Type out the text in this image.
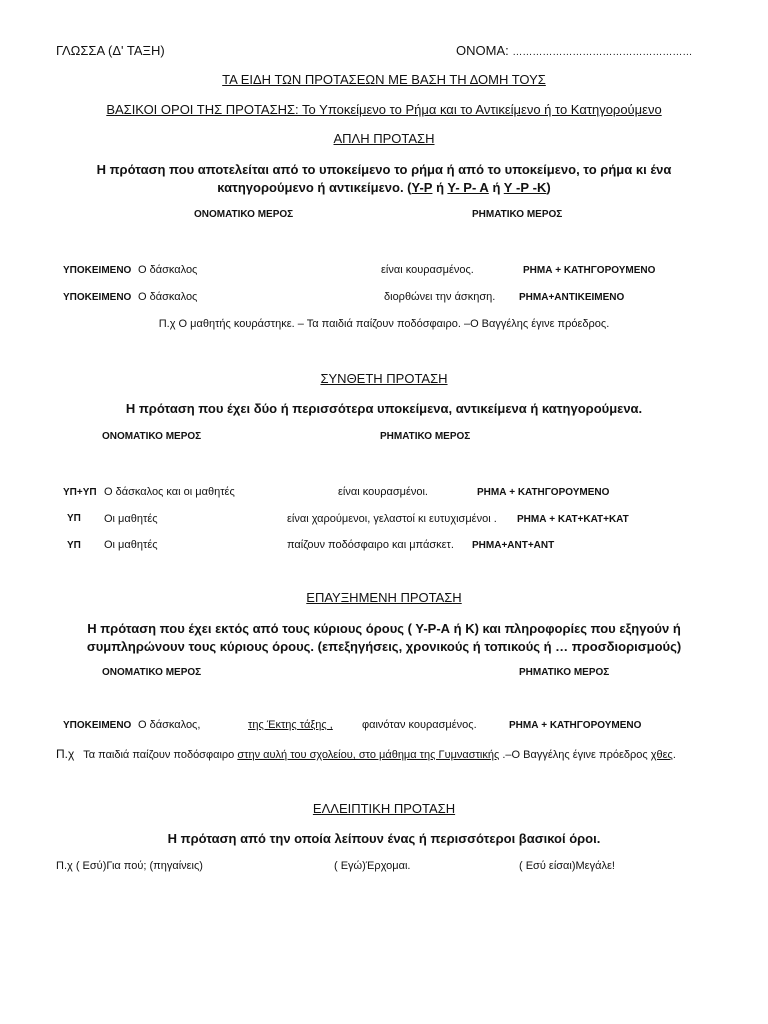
ΓΛΩΣΣΑ (Δ' ΤΑΞΗ)	ΟΝΟΜΑ: ………………………………………………
ΤΑ ΕΙΔΗ ΤΩΝ ΠΡΟΤΑΣΕΩΝ ΜΕ ΒΑΣΗ ΤΗ ΔΟΜΗ ΤΟΥΣ
ΒΑΣΙΚΟΙ ΟΡΟΙ ΤΗΣ ΠΡΟΤΑΣΗΣ: Το Υποκείμενο το Ρήμα και το Αντικείμενο ή το Κατηγορούμενο
ΑΠΛΗ ΠΡΟΤΑΣΗ
Η πρόταση που αποτελείται από το υποκείμενο το ρήμα ή από το υποκείμενο, το ρήμα κι ένα
κατηγορούμενο ή αντικείμενο. (Υ-Ρ ή Υ- Ρ- Α ή Υ -Ρ -Κ)
ΟΝΟΜΑΤΙΚΟ ΜΕΡΟΣ	ΡΗΜΑΤΙΚΟ ΜΕΡΟΣ
ΥΠΟΚΕΙΜΕΝΟ Ο δάσκαλος	είναι κουρασμένος.	ΡΗΜΑ + ΚΑΤΗΓΟΡΟΥΜΕΝΟ
ΥΠΟΚΕΙΜΕΝΟ Ο δάσκαλος	διορθώνει την άσκηση. ΡΗΜΑ+ΑΝΤΙΚΕΙΜΕΝΟ
Π.χ Ο μαθητής κουράστηκε. – Τα παιδιά παίζουν ποδόσφαιρο. –Ο Βαγγέλης έγινε πρόεδρος.
ΣΥΝΘΕΤΗ ΠΡΟΤΑΣΗ
Η πρόταση που έχει δύο ή περισσότερα υποκείμενα, αντικείμενα ή κατηγορούμενα.
ΟΝΟΜΑΤΙΚΟ ΜΕΡΟΣ	ΡΗΜΑΤΙΚΟ ΜΕΡΟΣ
ΥΠ+ΥΠ Ο δάσκαλος και οι μαθητές	είναι κουρασμένοι.	ΡΗΜΑ + ΚΑΤΗΓΟΡΟΥΜΕΝΟ
ΥΠ Οι μαθητές	είναι χαρούμενοι, γελαστοί κι ευτυχισμένοι . ΡΗΜΑ + ΚΑΤ+ΚΑΤ+ΚΑΤ
ΥΠ Οι μαθητές	παίζουν ποδόσφαιρο και μπάσκετ. ΡΗΜΑ+ΑΝΤ+ΑΝΤ
ΕΠΑΥΞΗΜΕΝΗ ΠΡΟΤΑΣΗ
Η πρόταση που έχει εκτός από τους κύριους όρους ( Υ-Ρ-Α ή Κ) και πληροφορίες που εξηγούν ή
συμπληρώνουν τους κύριους όρους. (επεξηγήσεις, χρονικούς ή τοπικούς ή … προσδιορισμούς)
ΟΝΟΜΑΤΙΚΟ ΜΕΡΟΣ	ΡΗΜΑΤΙΚΟ ΜΕΡΟΣ
ΥΠΟΚΕΙΜΕΝΟ Ο δάσκαλος,	της Έκτης τάξης ,	φαινόταν κουρασμένος.	ΡΗΜΑ + ΚΑΤΗΓΟΡΟΥΜΕΝΟ
Π.χ Τα παιδιά παίζουν ποδόσφαιρο στην αυλή του σχολείου, στο μάθημα της Γυμναστικής .–Ο Βαγγέλης έγινε πρόεδρος χθες.
ΕΛΛΕΙΠΤΙΚΗ ΠΡΟΤΑΣΗ
Η πρόταση από την οποία λείπουν ένας ή περισσότεροι βασικοί όροι.
Π.χ ( Εσύ)Για πού; (πηγαίνεις)	( Εγώ)Έρχομαι.	( Εσύ είσαι)Μεγάλε!
